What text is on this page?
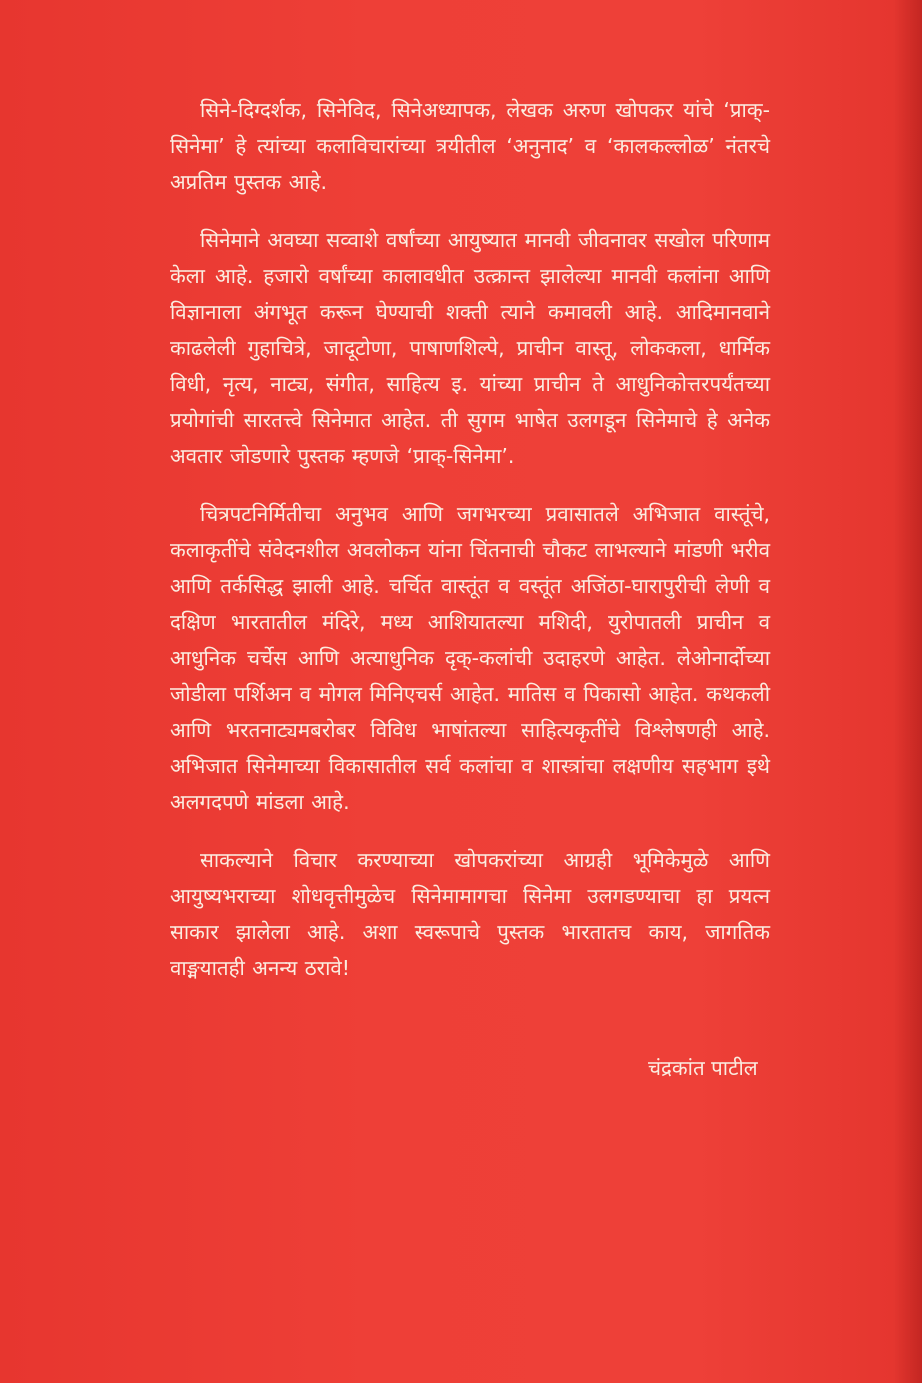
सिने-दिग्दर्शक, सिनेविद, सिनेअध्यापक, लेखक अरुण खोपकर यांचे ‘प्राक्-सिनेमा’ हे त्यांच्या कलाविचारांच्या त्रयीतील ‘अनुनाद’ व ‘कालकल्लोळ’ नंतरचे अप्रतिम पुस्तक आहे.

सिनेमाने अवघ्या सव्वाशे वर्षांच्या आयुष्यात मानवी जीवनावर सखोल परिणाम केला आहे. हजारो वर्षांच्या कालावधीत उत्क्रान्त झालेल्या मानवी कलांना आणि विज्ञानाला अंगभूत करून घेण्याची शक्ती त्याने कमावली आहे. आदिमानवाने काढलेली गुहाचित्रे, जादूटोणा, पाषाणशिल्पे, प्राचीन वास्तू, लोककला, धार्मिक विधी, नृत्य, नाट्य, संगीत, साहित्य इ. यांच्या प्राचीन ते आधुनिकोत्तरपर्यंतच्या प्रयोगांची सारतत्त्वे सिनेमात आहेत. ती सुगम भाषेत उलगडून सिनेमाचे हे अनेक अवतार जोडणारे पुस्तक म्हणजे ‘प्राक्-सिनेमा’.

चित्रपटनिर्मितीचा अनुभव आणि जगभरच्या प्रवासातले अभिजात वास्तूंचे, कलाकृतींचे संवेदनशील अवलोकन यांना चिंतनाची चौकट लाभल्याने मांडणी भरीव आणि तर्कसिद्ध झाली आहे. चर्चित वास्तूंत व वस्तूंत अजिंठा-घारापुरीची लेणी व दक्षिण भारतातील मंदिरे, मध्य आशियातल्या मशिदी, युरोपातली प्राचीन व आधुनिक चर्चेस आणि अत्याधुनिक दृक्-कलांची उदाहरणे आहेत. लेओनार्दोच्या जोडीला पर्शिअन व मोगल मिनिएचर्स आहेत. मातिस व पिकासो आहेत. कथकली आणि भरतनाट्यमबरोबर विविध भाषांतल्या साहित्यकृतींचे विश्लेषणही आहे. अभिजात सिनेमाच्या विकासातील सर्व कलांचा व शास्त्रांचा लक्षणीय सहभाग इथे अलगदपणे मांडला आहे.

साकल्याने विचार करण्याच्या खोपकरांच्या आग्रही भूमिकेमुळे आणि आयुष्यभराच्या शोधवृत्तीमुळेच सिनेमामागचा सिनेमा उलगडण्याचा हा प्रयत्न साकार झालेला आहे. अशा स्वरूपाचे पुस्तक भारतातच काय, जागतिक वाङ्मयातही अनन्य ठरावे!

चंद्रकांत पाटील
